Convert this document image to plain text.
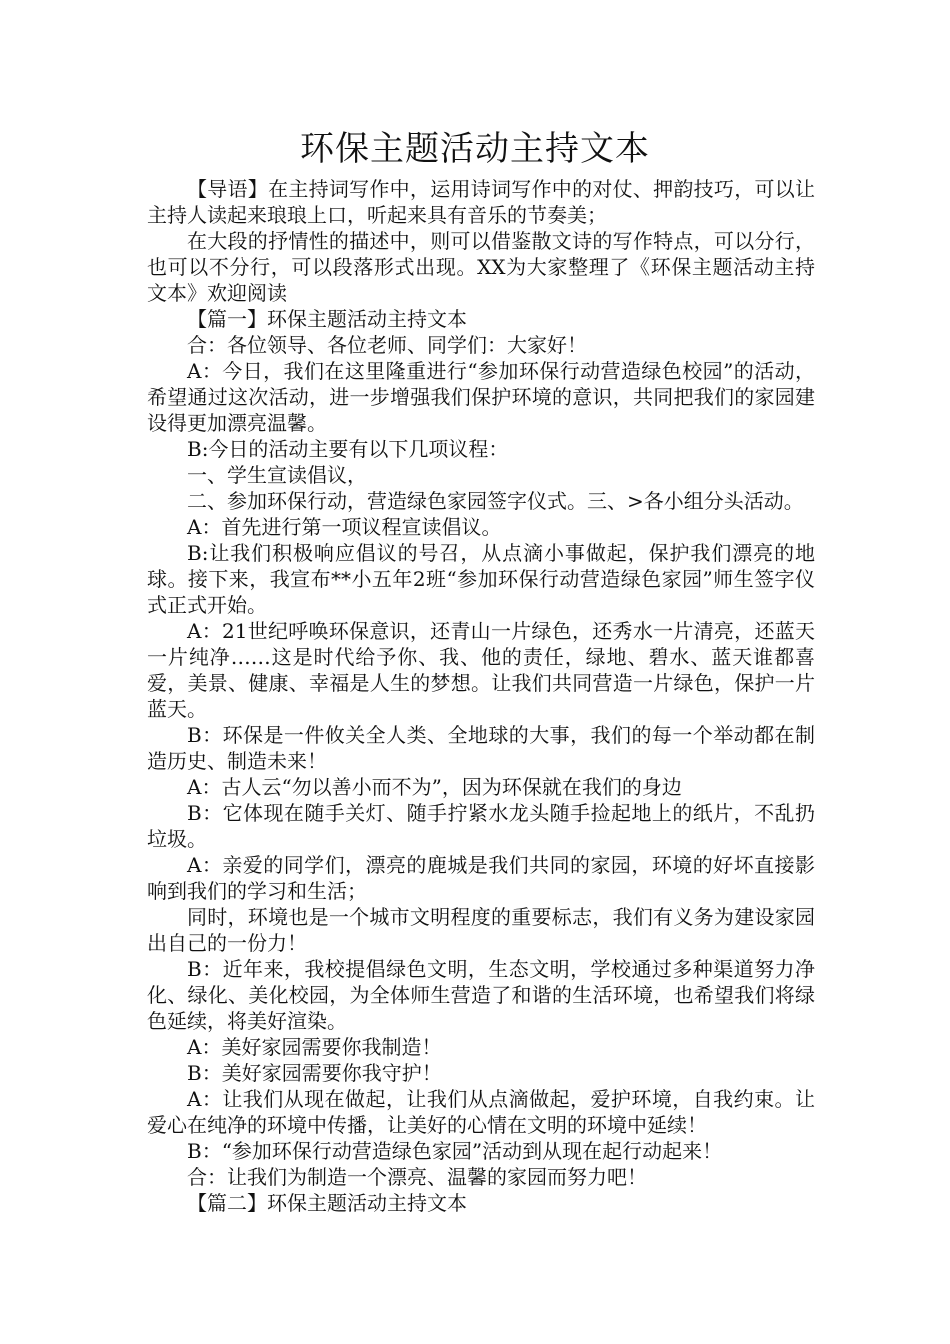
环保主题活动主持文本

【导语】在主持词写作中，运用诗词写作中的对仗、押韵技巧，可以让主持人读起来琅琅上口，听起来具有音乐的节奏美；

在大段的抒情性的描述中，则可以借鉴散文诗的写作特点，可以分行，也可以不分行，可以段落形式出现。XX为大家整理了《环保主题活动主持文本》欢迎阅读

【篇一】环保主题活动主持文本

合：各位领导、各位老师、同学们：大家好！

A：今日，我们在这里隆重进行“参加环保行动营造绿色校园”的活动，希望通过这次活动，进一步增强我们保护环境的意识，共同把我们的家园建设得更加漂亮温馨。

B:今日的活动主要有以下几项议程：

一、学生宣读倡议，

二、参加环保行动，营造绿色家园签字仪式。三、>各小组分头活动。

A：首先进行第一项议程宣读倡议。

B:让我们积极响应倡议的号召，从点滴小事做起，保护我们漂亮的地球。接下来，我宣布**小五年2班“参加环保行动营造绿色家园”师生签字仪式正式开始。

A：21世纪呼唤环保意识，还青山一片绿色，还秀水一片清亮，还蓝天一片纯净……这是时代给予你、我、他的责任，绿地、碧水、蓝天谁都喜爱，美景、健康、幸福是人生的梦想。让我们共同营造一片绿色，保护一片蓝天。

B：环保是一件攸关全人类、全地球的大事，我们的每一个举动都在制造历史、制造未来！

A：古人云“勿以善小而不为”，因为环保就在我们的身边

B：它体现在随手关灯、随手拧紧水龙头随手捡起地上的纸片，不乱扔垃圾。

A：亲爱的同学们，漂亮的鹿城是我们共同的家园，环境的好坏直接影响到我们的学习和生活；

同时，环境也是一个城市文明程度的重要标志，我们有义务为建设家园出自己的一份力！

B：近年来，我校提倡绿色文明，生态文明，学校通过多种渠道努力净化、绿化、美化校园，为全体师生营造了和谐的生活环境，也希望我们将绿色延续，将美好渲染。

A：美好家园需要你我制造！

B：美好家园需要你我守护！

A：让我们从现在做起，让我们从点滴做起，爱护环境，自我约束。让爱心在纯净的环境中传播，让美好的心情在文明的环境中延续！

B：“参加环保行动营造绿色家园”活动到从现在起行动起来！

合：让我们为制造一个漂亮、温馨的家园而努力吧！

【篇二】环保主题活动主持文本
